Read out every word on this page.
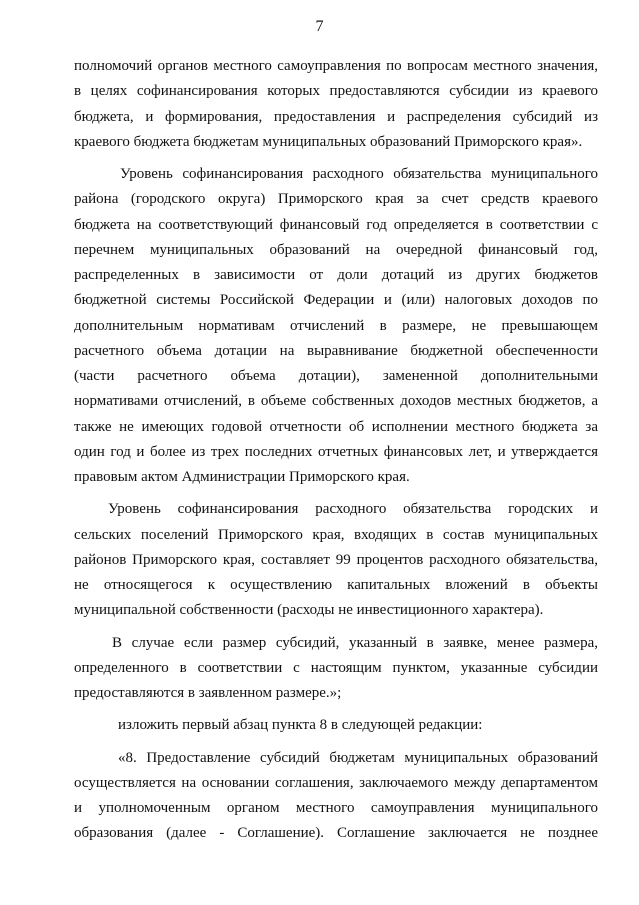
7
полномочий органов местного самоуправления по вопросам местного значения,
в целях софинансирования которых предоставляются субсидии из краевого
бюджета, и формирования, предоставления и распределения субсидий из
краевого бюджета бюджетам муниципальных образований Приморского края».
Уровень софинансирования расходного обязательства муниципального
района (городского округа) Приморского края за счет средств краевого
бюджета на соответствующий финансовый год определяется в соответствии с
перечнем муниципальных образований на очередной финансовый год,
распределенных в зависимости от доли дотаций из других бюджетов
бюджетной системы Российской Федерации и (или) налоговых доходов по
дополнительным нормативам отчислений в размере, не превышающем
расчетного объема дотации на выравнивание бюджетной обеспеченности
(части расчетного объема дотации), замененной дополнительными
нормативами отчислений, в объеме собственных доходов местных бюджетов, а
также не имеющих годовой отчетности об исполнении местного бюджета за
один год и более из трех последних отчетных финансовых лет, и утверждается
правовым актом Администрации Приморского края.
Уровень софинансирования расходного обязательства городских и
сельских поселений Приморского края, входящих в состав муниципальных
районов Приморского края, составляет 99 процентов расходного обязательства,
не относящегося к осуществлению капитальных вложений в объекты
муниципальной собственности (расходы не инвестиционного характера).
В случае если размер субсидий, указанный в заявке, менее размера,
определенного в соответствии с настоящим пунктом, указанные субсидии
предоставляются в заявленном размере.»;
изложить первый абзац пункта 8 в следующей редакции:
«8. Предоставление субсидий бюджетам муниципальных образований
осуществляется на основании соглашения, заключаемого между департаментом
и уполномоченным органом местного самоуправления муниципального
образования (далее - Соглашение). Соглашение заключается не позднее
